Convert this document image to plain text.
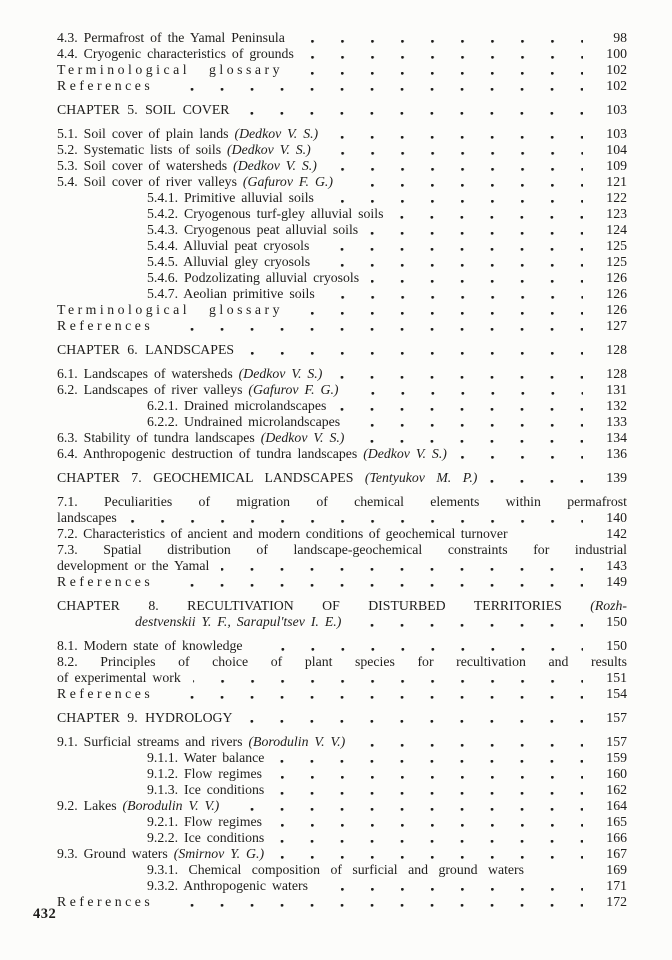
4.3. Permafrost of the Yamal Peninsula	98
4.4. Cryogenic characteristics of grounds	100
Terminological glossary	102
References	102
CHAPTER 5. SOIL COVER	103
5.1. Soil cover of plain lands (Dedkov V. S.)	103
5.2. Systematic lists of soils (Dedkov V. S.)	104
5.3. Soil cover of watersheds (Dedkov V. S.)	109
5.4. Soil cover of river valleys (Gafurov F. G.)	121
5.4.1. Primitive alluvial soils	122
5.4.2. Cryogenous turf-gley alluvial soils	123
5.4.3. Cryogenous peat alluvial soils	124
5.4.4. Alluvial peat cryosols	125
5.4.5. Alluvial gley cryosols	125
5.4.6. Podzolizating alluvial cryosols	126
5.4.7. Aeolian primitive soils	126
Terminological glossary	126
References	127
CHAPTER 6. LANDSCAPES	128
6.1. Landscapes of watersheds (Dedkov V. S.)	128
6.2. Landscapes of river valleys (Gafurov F. G.)	131
6.2.1. Drained microlandscapes	132
6.2.2. Undrained microlandscapes	133
6.3. Stability of tundra landscapes (Dedkov V. S.)	134
6.4. Anthropogenic destruction of tundra landscapes (Dedkov V. S.)	136
CHAPTER 7. GEOCHEMICAL LANDSCAPES (Tentyukov M. P.)	139
7.1. Peculiarities of migration of chemical elements within permafrost
landscapes	140
7.2. Characteristics of ancient and modern conditions of geochemical turnover	142
7.3. Spatial distribution of landscape-geochemical constraints for industrial
development or the Yamal	143
References	149
CHAPTER 8. RECULTIVATION OF DISTURBED TERRITORIES (Rozh-
destvenskii Y. F., Sarapul'tsev I. E.)	150
8.1. Modern state of knowledge	150
8.2. Principles of choice of plant species for recultivation and results
of experimental work	151
References	154
CHAPTER 9. HYDROLOGY	157
9.1. Surficial streams and rivers (Borodulin V. V.)	157
9.1.1. Water balance	159
9.1.2. Flow regimes	160
9.1.3. Ice conditions	162
9.2. Lakes (Borodulin V. V.)	164
9.2.1. Flow regimes	165
9.2.2. Ice conditions	166
9.3. Ground waters (Smirnov Y. G.)	167
9.3.1. Chemical composition of surficial and ground waters	169
9.3.2. Anthropogenic waters	171
References	172
432
